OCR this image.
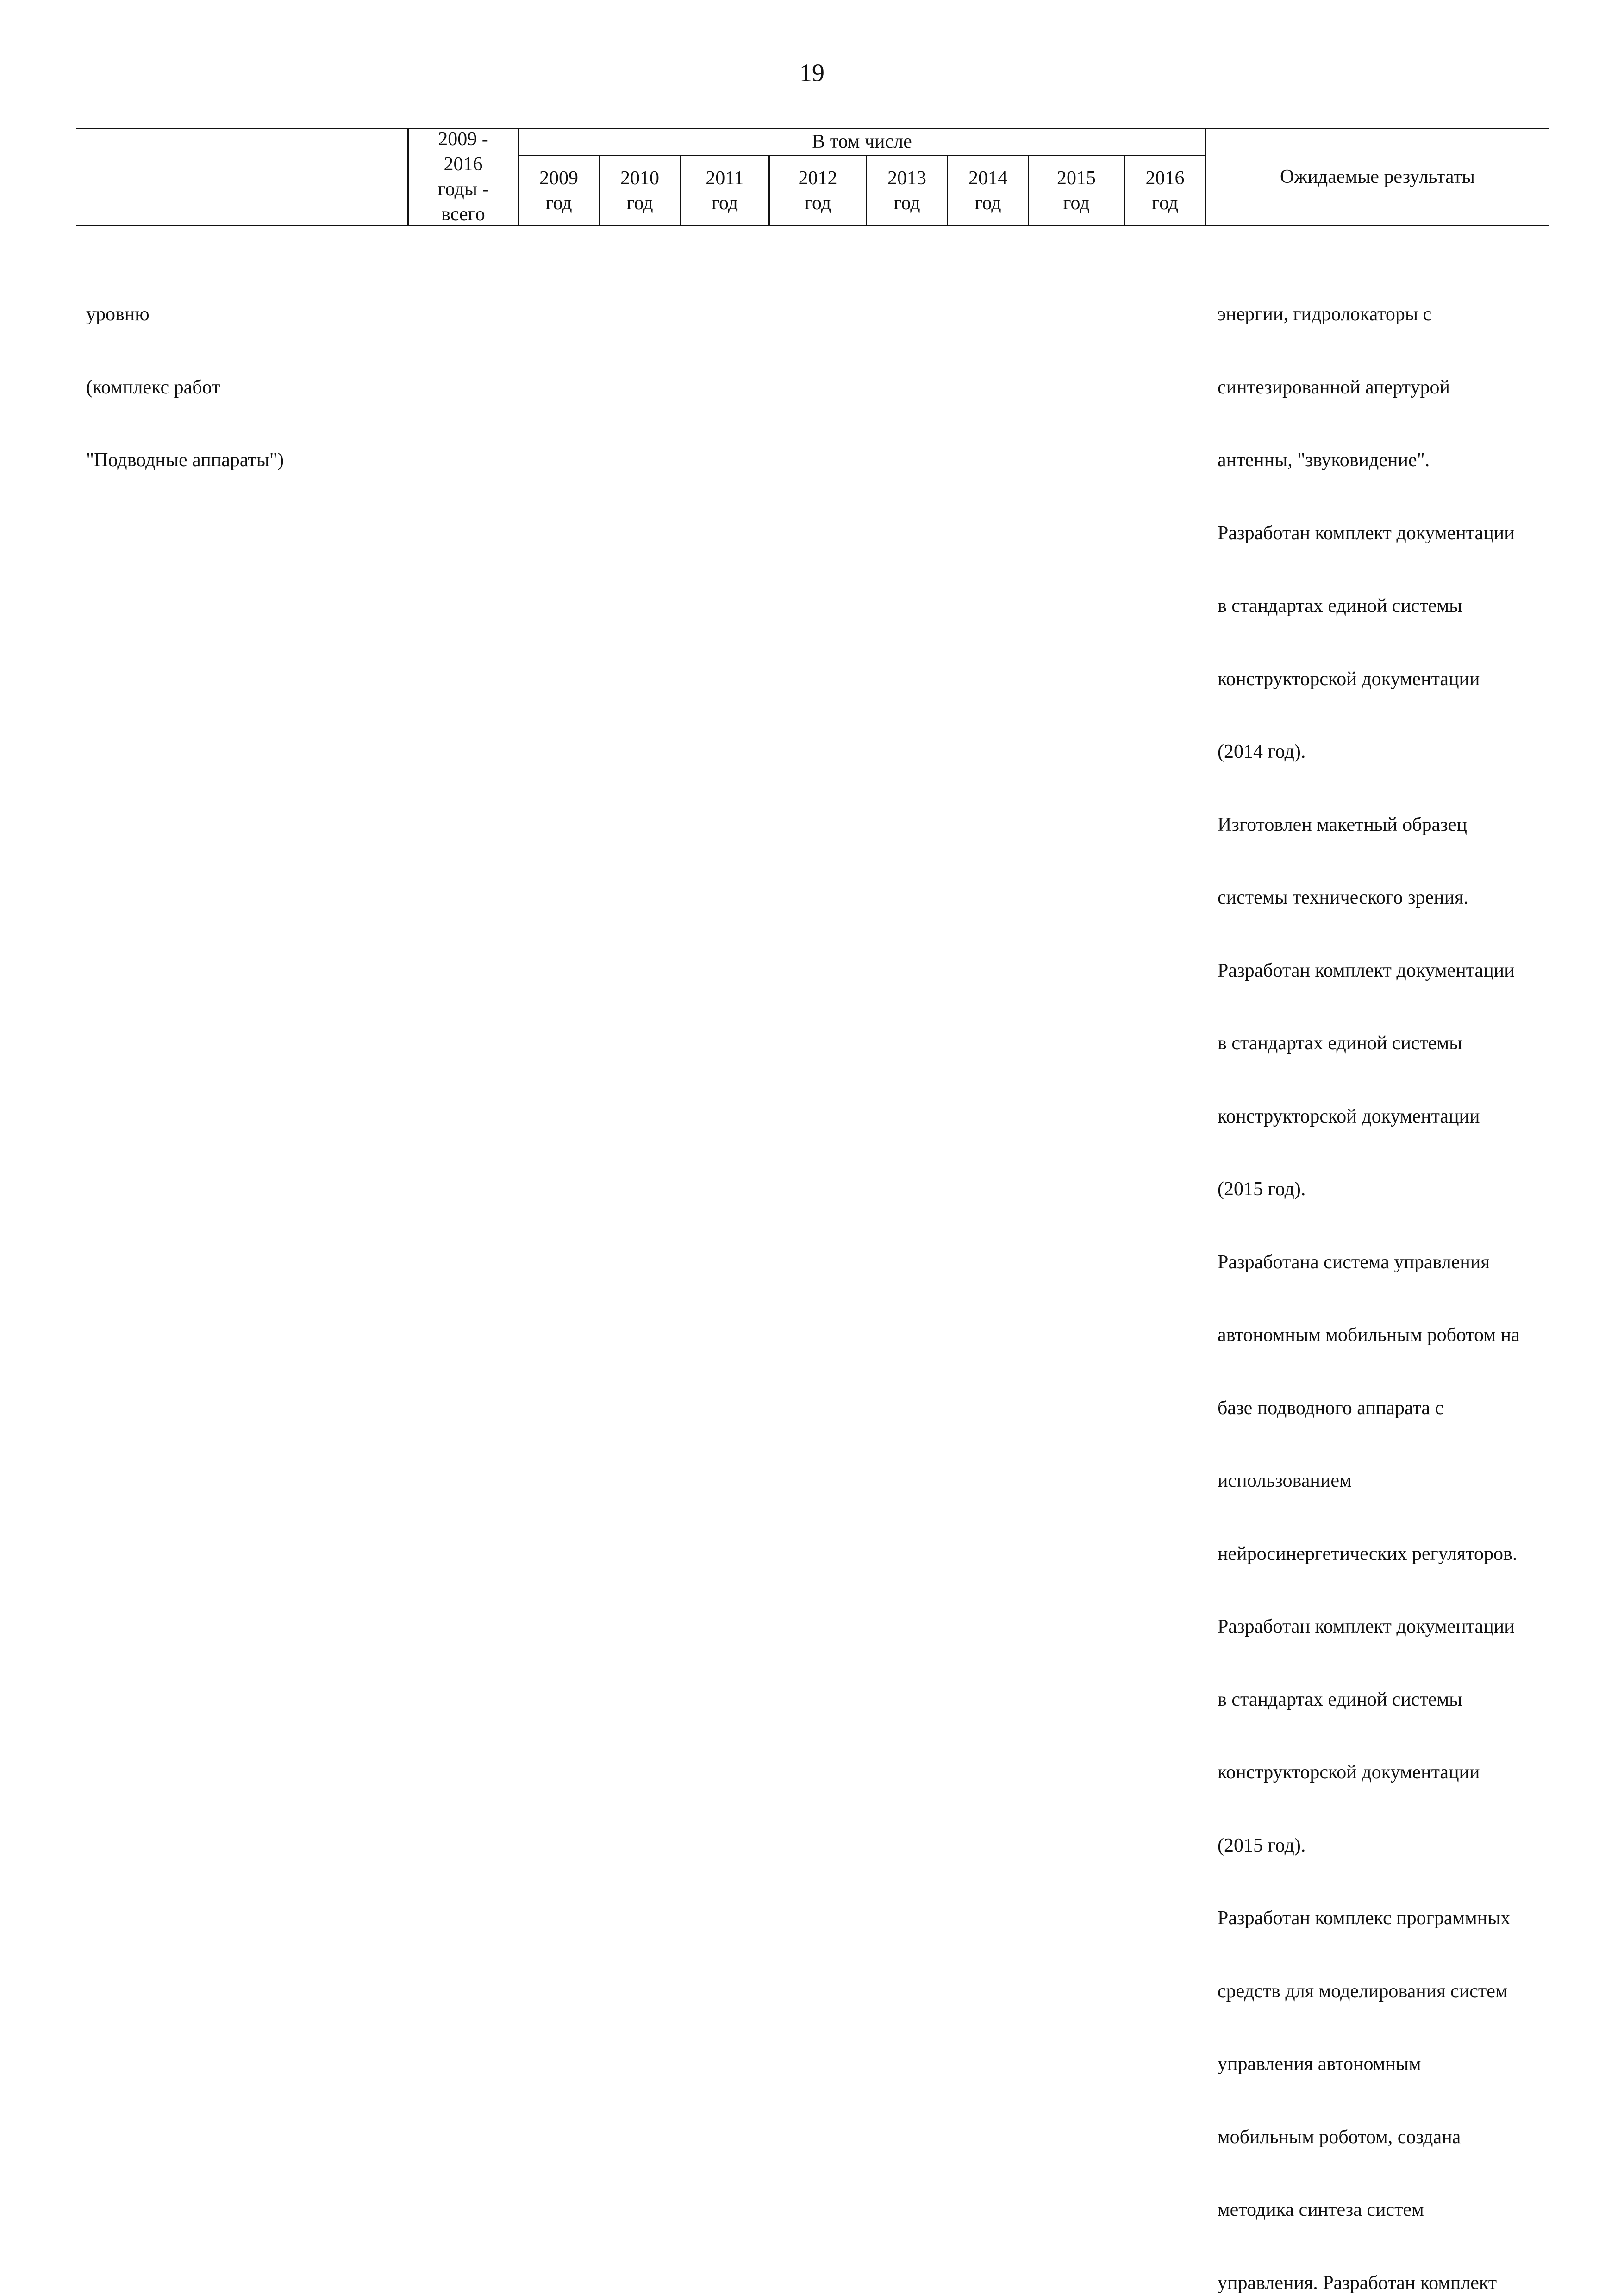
19
2009 -
2016
годы -
всего
В том числе
2009
год
2010
год
2011
год
2012
год
2013
год
2014
год
2015
год
2016
год
Ожидаемые результаты

уровню

(комплекс работ

"Подводные аппараты")

энергии, гидролокаторы с

синтезированной апертурой

антенны, "звуковидение".

Разработан комплект документации

в стандартах единой системы

конструкторской документации

(2014 год).

Изготовлен макетный образец

системы технического зрения.

Разработан комплект документации

в стандартах единой системы

конструкторской документации

(2015 год).

Разработана система управления

автономным мобильным роботом на

базе подводного аппарата с

использованием

нейросинергетических регуляторов.

Разработан комплект документации

в стандартах единой системы

конструкторской документации

(2015 год).

Разработан комплекс программных

средств для моделирования систем

управления автономным

мобильным роботом, создана

методика синтеза систем

управления. Разработан комплект
